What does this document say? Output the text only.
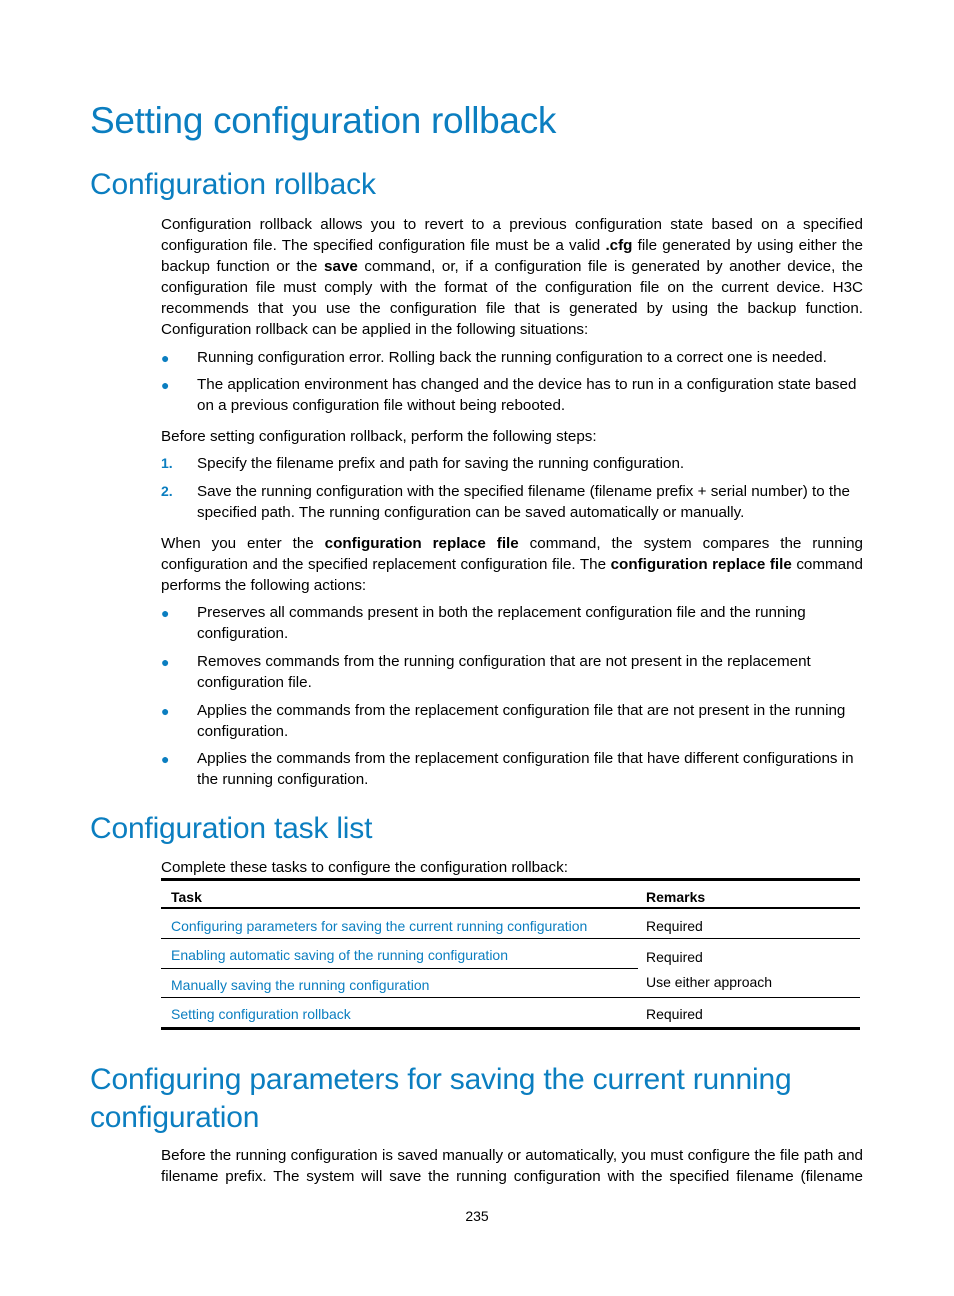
Setting configuration rollback
Configuration rollback
Configuration rollback allows you to revert to a previous configuration state based on a specified configuration file. The specified configuration file must be a valid .cfg file generated by using either the backup function or the save command, or, if a configuration file is generated by another device, the configuration file must comply with the format of the configuration file on the current device. H3C recommends that you use the configuration file that is generated by using the backup function. Configuration rollback can be applied in the following situations:
● Running configuration error. Rolling back the running configuration to a correct one is needed.
● The application environment has changed and the device has to run in a configuration state based on a previous configuration file without being rebooted.
Before setting configuration rollback, perform the following steps:
1. Specify the filename prefix and path for saving the running configuration.
2. Save the running configuration with the specified filename (filename prefix + serial number) to the specified path. The running configuration can be saved automatically or manually.
When you enter the configuration replace file command, the system compares the running configuration and the specified replacement configuration file. The configuration replace file command performs the following actions:
● Preserves all commands present in both the replacement configuration file and the running configuration.
● Removes commands from the running configuration that are not present in the replacement configuration file.
● Applies the commands from the replacement configuration file that are not present in the running configuration.
● Applies the commands from the replacement configuration file that have different configurations in the running configuration.
Configuration task list
Complete these tasks to configure the configuration rollback:
Task	Remarks
Configuring parameters for saving the current running configuration	Required
Enabling automatic saving of the running configuration	Required
Manually saving the running configuration	Use either approach
Setting configuration rollback	Required
Configuring parameters for saving the current running
configuration
Before the running configuration is saved manually or automatically, you must configure the file path and filename prefix. The system will save the running configuration with the specified filename (filename
235
